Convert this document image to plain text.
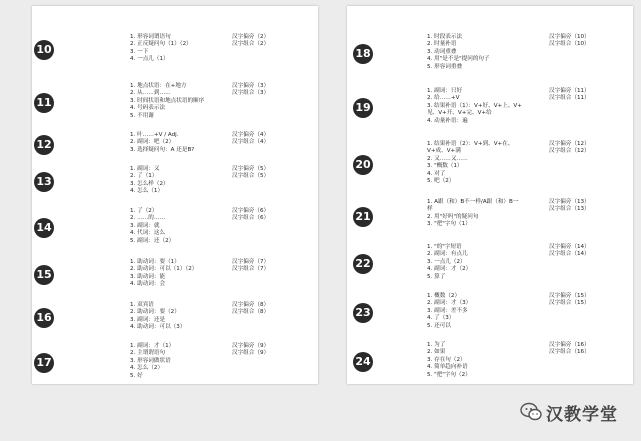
10
1. 形容词谓语句
2. 正反疑问句（1）（2）
3. 一下
4. 一点儿（1）
汉字偏旁（2）
汉字组合（2）
11
1. 地点状语：在+地方
2. 从……到……
3. 时间状语和地点状语的顺序
4. 号码表示法
5. 不用谢
汉字偏旁（3）
汉字组合（3）
12
1. 叶……+V / Adj.
2. 副词：吧（2）
3. 选择疑问句：A 还是B?
汉字偏旁（4）
汉字组合（4）
13
1. 副词：又
2. 了（1）
3. 怎么样（2）
4. 怎么（1）
汉字偏旁（5）
汉字组合（5）
14
1. 了（2）
2. ……的……
3. 副词：就
4. 代词：这么
5. 副词：还（2）
汉字偏旁（6）
汉字组合（6）
15
1. 助动词：要（1）
2. 助动词：可以（1）（2）
3. 助动词：能
4. 助动词：会
汉字偏旁（7）
汉字组合（7）
16
1. 双宾语
2. 助动词：要（2）
3. 副词：还是
4. 助动词：可以（3）
汉字偏旁（8）
汉字组合（8）
17
1. 副词：才（1）
2. 主谓谓语句
3. 形容词做状语
4. 怎么（2）
5. 好
汉字偏旁（9）
汉字组合（9）
18
1. 时段表示法
2. 时量补语
3. 动词重叠
4. 用"是不是"提问的句子
5. 形容词重叠
汉字偏旁（10）
汉字组合（10）
19
1. 副词：只好
2. 给……+V
3. 结果补语（1）：V+好、V+上、V+
见、V+开、V+完、V+给
4. 动量补语：遍
汉字偏旁（11）
汉字组合（11）
20
1. 结果补语（2）：V+到、V+在、
V+成、V+满
2. 又……又……
3. "概数（1）
4. 对了
5. 吧（2）
汉字偏旁（12）
汉字组合（12）
21
1. A跟（和）B不一样/A跟（和）B一
样
2. 用"好吗"的疑问句
3. "把"字句（1）
汉字偏旁（13）
汉字组合（13）
22
1. "的"字短语
2. 副词：有点儿
3. 一点儿（2）
4. 副词：才（2）
5. 算了
汉字偏旁（14）
汉字组合（14）
23
1. 概数（2）
2. 副词：才（3）
3. 副词：差不多
4. 了（3）
5. 还可以
汉字偏旁（15）
汉字组合（15）
24
1. 为了
2. 如果
3. 存在句（2）
4. 简单趋向补语
5. "把"字句（2）
汉字偏旁（16）
汉字组合（16）
汉教学堂
